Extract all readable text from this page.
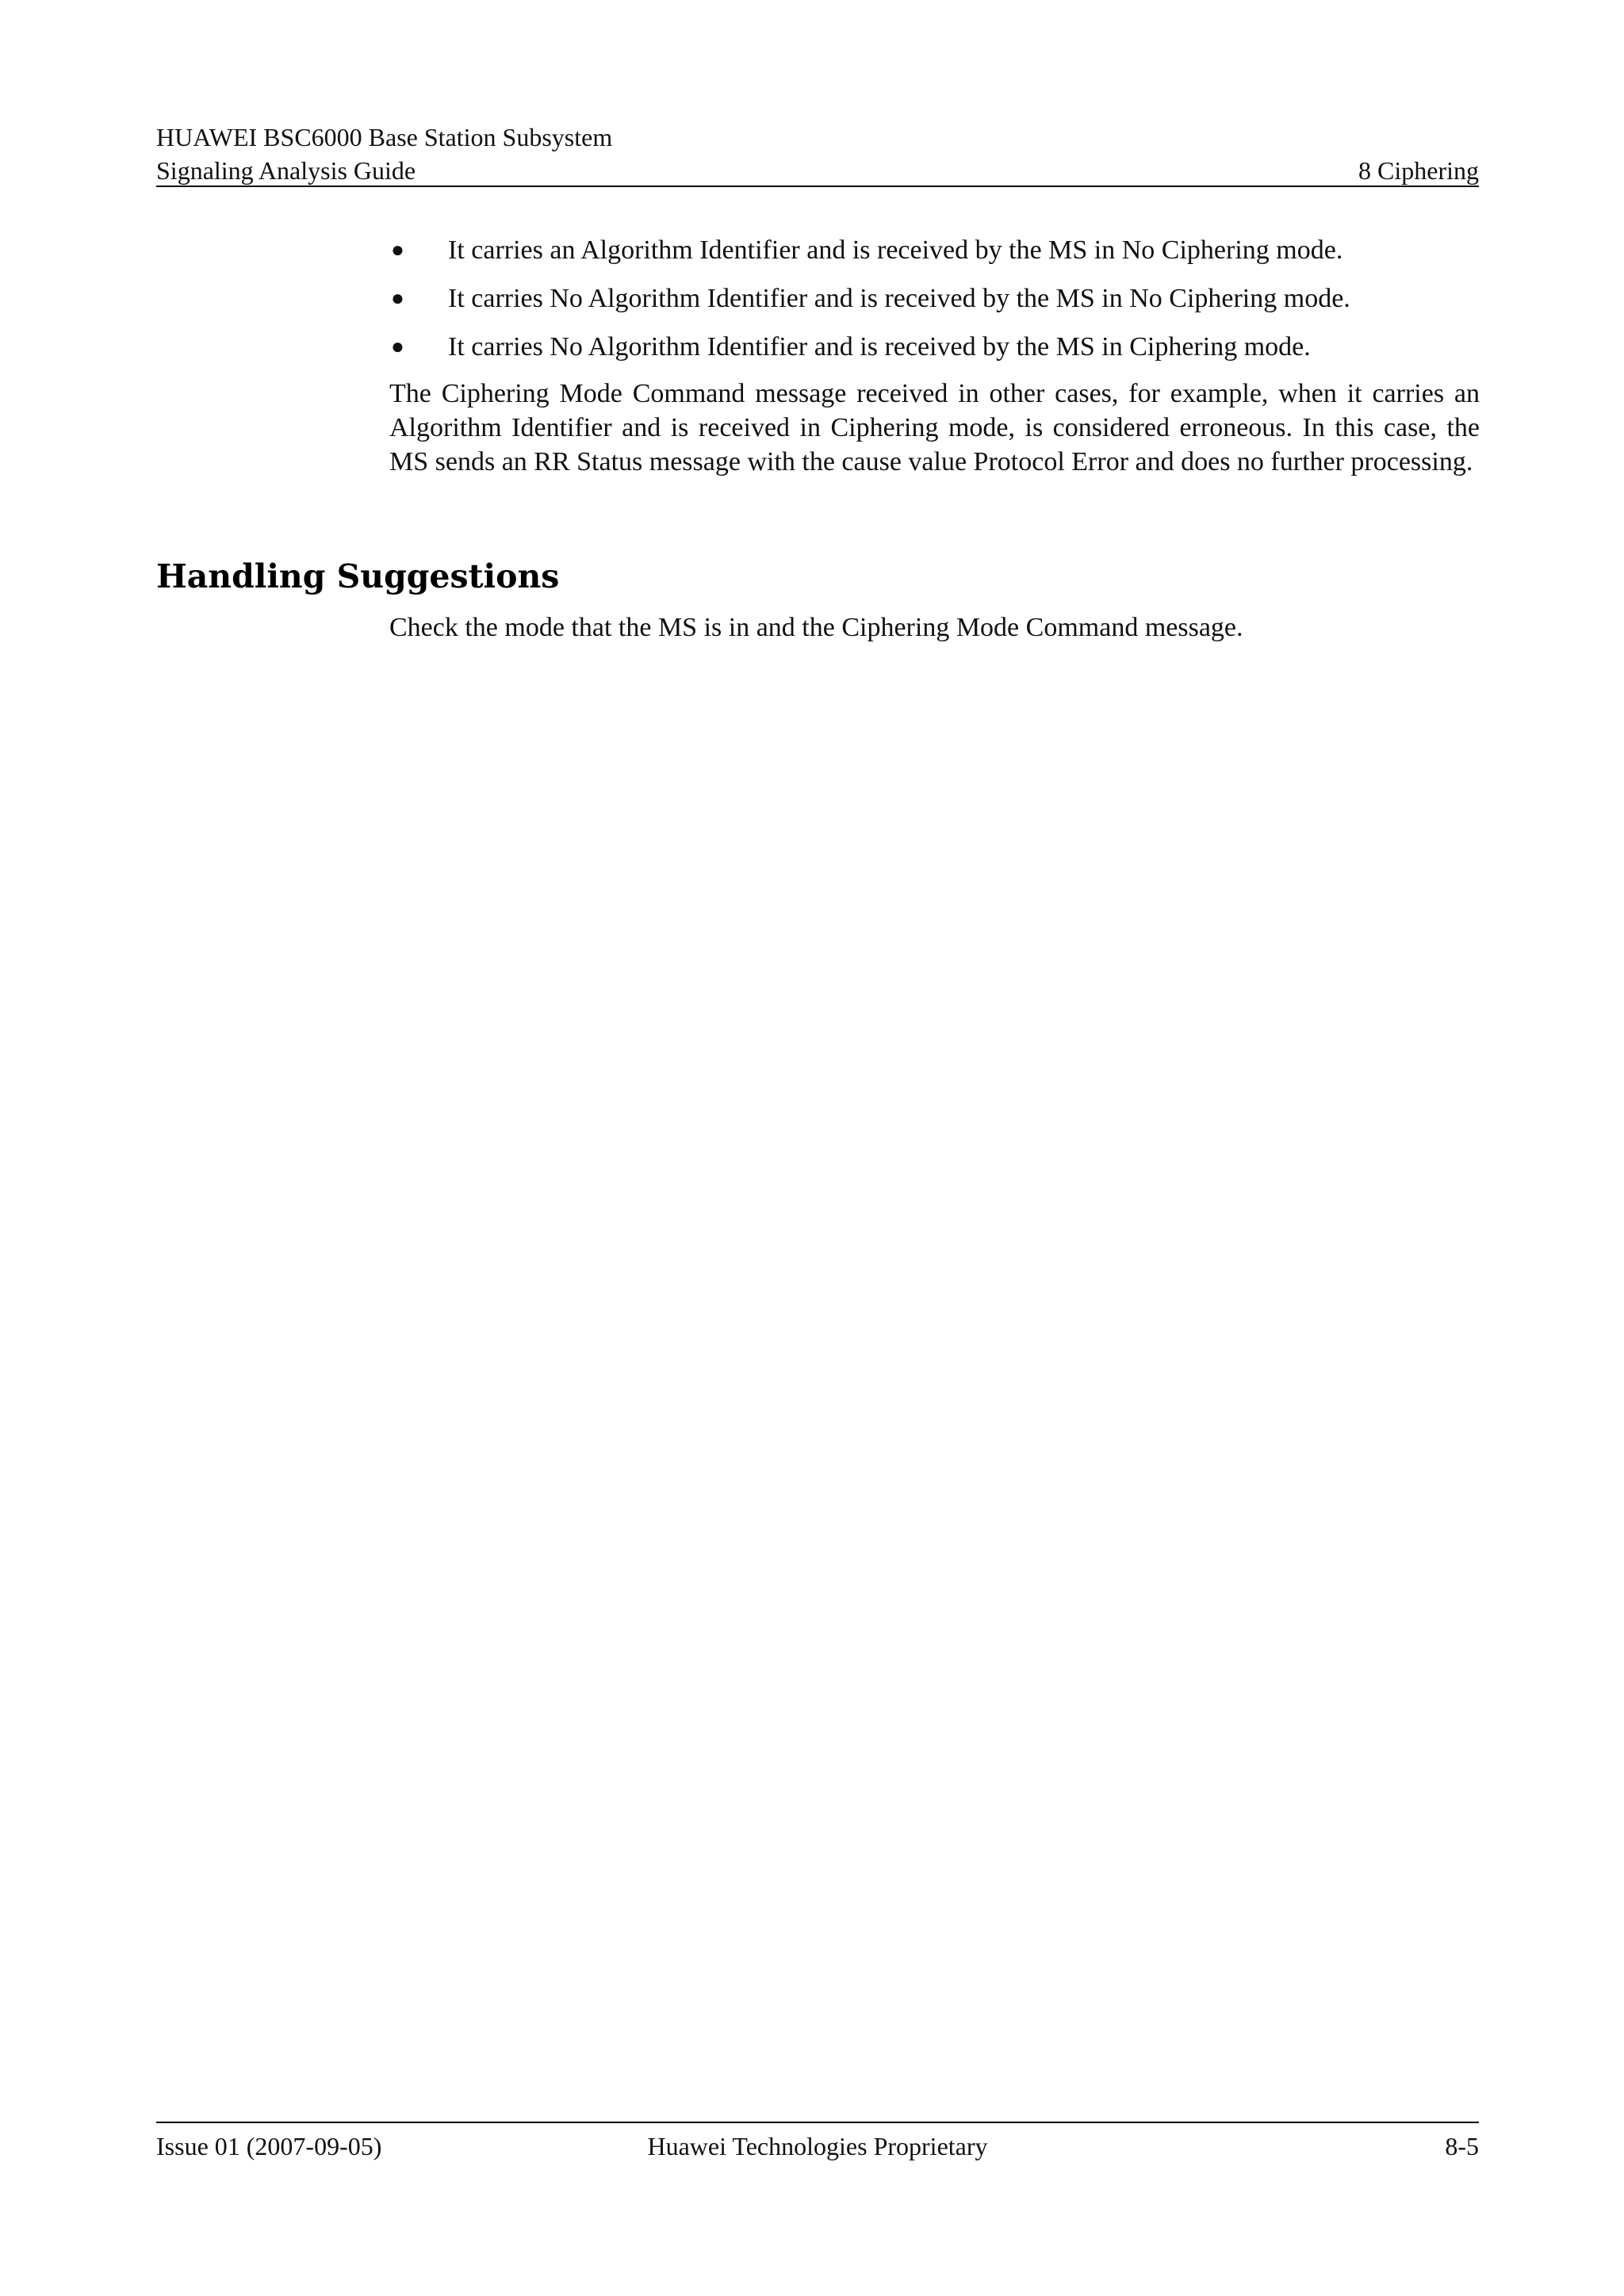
HUAWEI BSC6000 Base Station Subsystem
Signaling Analysis Guide	8 Ciphering
● It carries an Algorithm Identifier and is received by the MS in No Ciphering mode.
● It carries No Algorithm Identifier and is received by the MS in No Ciphering mode.
● It carries No Algorithm Identifier and is received by the MS in Ciphering mode.

The Ciphering Mode Command message received in other cases, for example, when it carries an Algorithm Identifier and is received in Ciphering mode, is considered erroneous. In this case, the MS sends an RR Status message with the cause value Protocol Error and does no further processing.

Handling Suggestions

Check the mode that the MS is in and the Ciphering Mode Command message.

Issue 01 (2007-09-05)	Huawei Technologies Proprietary	8-5
